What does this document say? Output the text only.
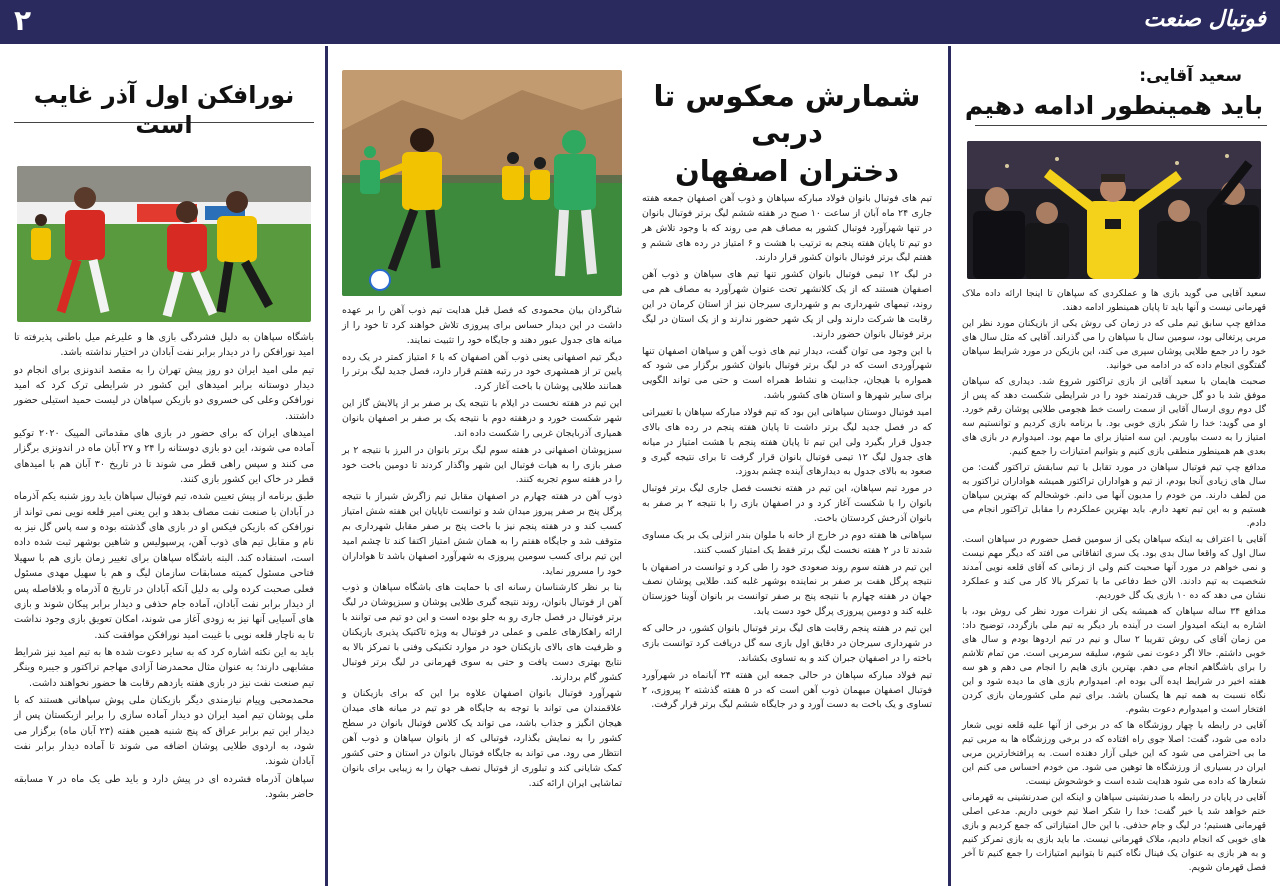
۲	فوتبال صنعت
سعید آقایی:
باید همینطور ادامه دهیم

سعید آقایی می گوید بازی ها و عملکردی که سپاهان تا اینجا ارائه داده ملاک قهرمانی نیست و آنها باید تا پایان همینطور ادامه دهند.

مدافع چپ سابق تیم ملی که در زمان کی روش یکی از بازیکنان مورد نظر این مربی پرتغالی بود، سومین سال با سپاهان را می گذراند. آقایی که مثل سال های خود را در جمع طلایی پوشان سپری می کند، این بازیکن در مورد شرایط سپاهان گفتگوی انجام داده که در ادامه می خوانید.

صحبت هایمان با سعید آقایی از بازی تراکتور شروع شد. دیداری که سپاهان موفق شد با دو گل حریف قدرتمند خود را در شرایطی شکست دهد که پس از گل دوم روی ارسال آقایی از سمت راست خط هجومی طلایی پوشان رقم خورد. او می گوید: خدا را شکر بازی خوبی بود. با برنامه بازی کردیم و توانستیم سه امتیاز را به دست بیاوریم. این سه امتیاز برای ما مهم بود. امیدوارم در بازی های بعدی هم همینطور منطقی بازی کنیم و بتوانیم امتیازات را جمع کنیم.

مدافع چپ تیم فوتبال سپاهان در مورد تقابل با تیم سابقش تراکتور گفت: من سال های زیادی آنجا بودم، از تیم و هواداران تراکتور همیشه هواداران تراکتور به من لطف دارند. من خودم را مدیون آنها می دانم. خوشحالم که بهترین سپاهان هستیم و به این تیم تعهد دارم. باید بهترین عملکردم را مقابل تراکتور انجام می دادم.

آقایی با اعتراف به اینکه سپاهان یکی از سومین فصل حضورم در سپاهان است. سال اول که واقعا سال بدی بود. یک سری اتفاقاتی می افتد که دیگر مهم نیست و نمی خواهم در مورد آنها صحبت کنم ولی از زمانی که آقای قلعه نویی آمدند شخصیت به تیم دادند. الان خط دفاعی ما با تمرکز بالا کار می کند و عملکرد نشان می دهد که ده ۱۰ بازی یک گل خوردیم.

مدافع ۳۴ ساله سپاهان که همیشه یکی از نفرات مورد نظر کی روش بود، با اشاره به اینکه امیدوار است در آینده بار دیگر به تیم ملی بازگردد، توضیح داد: من زمان آقای کی روش تقریبا ۲ سال و نیم در تیم اردوها بودم و سال های خوبی داشتم. حالا اگر دعوت نمی شوم، سلیقه سرمربی است. من تمام تلاشم را برای باشگاهم انجام می دهم. بهترین بازی هایم را انجام می دهم و هو سه هفته اخیر در شرایط ایده آلی بوده ام. امیدوارم بازی های ما دیده شود و این نگاه نسبت به همه تیم ها یکسان باشد. برای تیم ملی کشورمان بازی کردن افتخار است و امیدوارم دعوت بشوم.

آقایی در رابطه با چهار روزشگاه ها که در برخی از آنها علیه قلعه نویی شعار داده می شود، گفت: اصلا جوی راه افتاده که در برخی ورزشگاه ها به مربی تیم ما بی احترامی می شود که این خیلی آزار دهنده است. به پرافتخارترین مربی ایران در بسیاری از ورزشگاه ها توهین می شود. من خودم احساس می کنم این شعارها که داده می شود هدایت شده است و خوشحوش نیست.

آقایی در پایان در رابطه با صدرنشینی سپاهان و اینکه این صدرنشینی به قهرمانی ختم خواهد شد یا خیر گفت: خدا را شکر اصلا تیم خوبی داریم. مدعی اصلی قهرمانی هستیم؛ در لیگ و جام حذفی. با این حال امتیازاتی که جمع کردیم و بازی های خوبی که انجام دادیم، ملاک قهرمانی نیست. ما باید بازی به بازی تمرکز کنیم و به هر بازی به عنوان یک فینال نگاه کنیم تا بتوانیم امتیازات را جمع کنیم تا آخر فصل قهرمان شویم.

شمارش معکوس تا دربی
دختران اصفهان

تیم های فوتبال بانوان فولاد مبارکه سپاهان و ذوب آهن اصفهان جمعه هفته جاری ۲۴ ماه آبان از ساعت ۱۰ صبح در هفته ششم لیگ برتر فوتبال بانوان در تنها شهرآورد فوتبال کشور به مصاف هم می روند که با وجود تلاش هر دو تیم تا پایان هفته پنجم به ترتیب با هشت و ۶ امتیاز در رده های ششم و هفتم لیگ برتر فوتبال بانوان کشور قرار دارند.

در لیگ ۱۲ تیمی فوتبال بانوان کشور تنها تیم های سپاهان و ذوب آهن اصفهان هستند که از یک کلانشهر تحت عنوان شهرآورد به مصاف هم می روند، تیمهای شهرداری بم و شهرداری سیرجان نیز از استان کرمان در این رقابت ها شرکت دارند ولی از یک شهر حضور ندارند و از یک استان در لیگ برتر فوتبال بانوان حضور دارند.

با این وجود می توان گفت، دیدار تیم های ذوب آهن و سپاهان اصفهان تنها شهرآوردی است که در لیگ برتر فوتبال بانوان کشور برگزار می شود که همواره با هیجان، جذابیت و نشاط همراه است و حتی می تواند الگویی برای سایر شهرها و استان های کشور باشد.

امید فوتبال دوستان سپاهانی این بود که تیم فولاد مبارکه سپاهان با تغییراتی که در فصل جدید لیگ برتر داشت تا پایان هفته پنجم در رده های بالای جدول قرار بگیرد ولی این تیم تا پایان هفته پنجم با هشت امتیاز در میانه های جدول لیگ ۱۲ تیمی فوتبال بانوان قرار گرفت تا برای نتیجه گیری و صعود به بالای جدول به دیدارهای آینده چشم بدوزد.

در مورد تیم سپاهان، این تیم در هفته نخست فصل جاری لیگ برتر فوتبال بانوان را با شکست آغاز کرد و در اصفهان بازی را با نتیجه ۲ بر صفر به بانوان آذرخش کردستان باخت.

سپاهانی ها هفته دوم در خارج از خانه با ملوان بندر انزلی یک بر یک مساوی شدند تا در ۲ هفته نخست لیگ برتر فقط یک امتیاز کسب کنند.

این تیم در هفته سوم روند صعودی خود را طی کرد و توانست در اصفهان با نتیجه پرگل هفت بر صفر بر نماینده بوشهر غلبه کند. طلایی پوشان نصف جهان در هفته چهارم با نتیجه پنج بر صفر توانست بر بانوان آوینا خوزستان غلبه کند و دومین پیروزی پرگل خود دست یابد.

این تیم در هفته پنجم رقابت های لیگ برتر فوتبال بانوان کشور، در حالی که در شهرداری سیرجان در دقایق اول بازی سه گل دریافت کرد توانست بازی باخته را در اصفهان جبران کند و به تساوی بکشاند.

تیم فولاد مبارکه سپاهان در حالی جمعه این هفته ۲۴ آبانماه در شهرآورد فوتبال اصفهان میهمان ذوب آهن است که در ۵ هفته گذشته ۲ پیروزی، ۲ تساوی و یک باخت به دست آورد و در جایگاه ششم لیگ برتر قرار گرفت.

شاگردان بیان محمودی که فصل قبل هدایت تیم ذوب آهن را بر عهده داشت در این دیدار حساس برای پیروزی تلاش خواهند کرد تا خود را از میانه های جدول عبور دهند و جایگاه خود را تثبیت نمایند.

دیگر تیم اصفهانی یعنی ذوب آهن اصفهان که با ۶ امتیاز کمتر در یک رده پایین تر از همشهری خود در رتبه هفتم قرار دارد، فصل جدید لیگ برتر را همانند طلایی پوشان با باخت آغاز کرد.

این تیم در هفته نخست در ایلام با نتیجه یک بر صفر بر از پالایش گاز این شهر شکست خورد و درهفته دوم با نتیجه یک بر صفر بر اصفهان بانوان همیاری آذربایجان غربی را شکست داده اند.

سبزپوشان اصفهانی در هفته سوم لیگ برتر بانوان در البرز با نتیجه ۲ بر صفر بازی را به هیات فوتبال این شهر واگذار کردند تا دومین باخت خود را در هفته سوم تجربه کنند.

ذوب آهن در هفته چهارم در اصفهان مقابل تیم زاگرش شیراز با نتیجه پرگل پنج بر صفر پیروز میدان شد و توانست تاپایان این هفته شش امتیاز کسب کند و در هفته پنجم نیز با باخت پنج بر صفر مقابل شهرداری بم متوقف شد و جایگاه هفتم را به همان شش امتیاز اکتفا کند تا چشم امید این تیم برای کسب سومین پیروزی به شهرآورد اصفهان باشد تا هواداران خود را مسرور نماید.

بنا بر نظر کارشناسان رسانه ای با حمایت های باشگاه سپاهان و ذوب آهن از فوتبال بانوان، روند نتیجه گیری طلایی پوشان و سبزپوشان در لیگ برتر فوتبال در فصل جاری رو به جلو بوده است و این دو تیم می توانند با ارائه راهکارهای علمی و عملی در فوتبال به ویژه تاکتیک پذیری بازیکنان و ظرفیت های بالای بازیکنان خود در موارد تکنیکی وفنی با تمرکز بالا به نتایج بهتری دست یافت و حتی به سوی قهرمانی در لیگ برتر فوتبال کشور گام بردارند.

شهرآورد فوتبال بانوان اصفهان علاوه برا این که برای بازیکنان و علاقمندان می تواند با توجه به جایگاه هر دو تیم در میانه های میدان هیجان انگیز و جذاب باشد، می تواند یک کلاس فوتبال بانوان در سطح کشور را به نمایش بگذارد، فوتبالی که از بانوان سپاهان و ذوب آهن انتظار می رود. می تواند به جایگاه فوتبال بانوان در استان و حتی کشور کمک شایانی کند و تبلوری از فوتبال نصف جهان را به زیبایی برای بانوان تماشایی ایران ارائه کند.

نورافکن اول آذر غایب است

باشگاه سپاهان به دلیل فشردگی بازی ها و علیرغم میل باطنی پذیرفته تا امید نورافکن را در دیدار برابر نفت آبادان در اختیار نداشته باشد.

تیم ملی امید ایران دو روز پیش تهران را به مقصد اندونزی برای انجام دو دیدار دوستانه برابر امیدهای این کشور در شرایطی ترک کرد که امید نورافکن وعلی کی خسروی دو بازیکن سپاهان در لیست حمید استیلی حضور داشتند.

امیدهای ایران که برای حضور در بازی های مقدماتی المپیک ۲۰۲۰ توکیو آماده می شوند، این دو بازی دوستانه را ۲۴ و ۲۷ آبان ماه در اندونزی برگزار می کنند و سپس راهی قطر می شوند تا در تاریخ ۳۰ آبان هم با امیدهای قطر در خاک این کشور بازی کنند.

طبق برنامه از پیش تعیین شده، تیم فوتبال سپاهان باید روز شنبه یکم آذرماه در آبادان با صنعت نفت مصاف بدهد و این یعنی امیر قلعه نویی نمی تواند از نورافکن که بازیکن فیکس او در بازی های گذشته بوده و سه پاس گل نیز به نام و مقابل تیم های ذوب آهن، پرسپولیس و شاهین بوشهر ثبت شده داده است، استفاده کند. البته باشگاه سپاهان برای تغییر زمان بازی هم با سهیلا فتاحی مسئول کمیته مسابقات سازمان لیگ و هم با سهیل مهدی مسئول فعلی صحبت کرده ولی به دلیل آنکه آبادان در تاریخ ۵ آذرماه و بلافاصله پس از دیدار برابر نفت آبادان، آماده جام حذفی و دیدار برابر پیکان شوند و بازی های آسیایی آنها نیز به زودی آغاز می شوند، امکان تعویق بازی وجود نداشت تا به ناچار قلعه نویی با غیبت امید نورافکن موافقت کند.

باید به این نکته اشاره کرد که به سایر دعوت شده ها به تیم امید نیز شرایط مشابهی دارند؛ به عنوان مثال محمدرضا آزادی مهاجم تراکتور و جیبره وینگر تیم صنعت نفت نیز در بازی هفته یازدهم رقابت ها حضور نخواهند داشت.

محمدمحبی وپیام نیازمندی دیگر بازیکنان ملی پوش سپاهانی هستند که با ملی پوشان تیم امید ایران دو دیدار آماده سازی را برابر ازبکستان پس از دیدار این تیم برابر عراق که پنج شنبه همین هفته (۲۳ آبان ماه) برگزار می شود، به اردوی طلایی پوشان اضافه می شوند تا آماده دیدار برابر نفت آبادان شوند.

سپاهان آذرماه فشرده ای در پیش دارد و باید طی یک ماه در ۷ مسابقه حاضر بشود.
